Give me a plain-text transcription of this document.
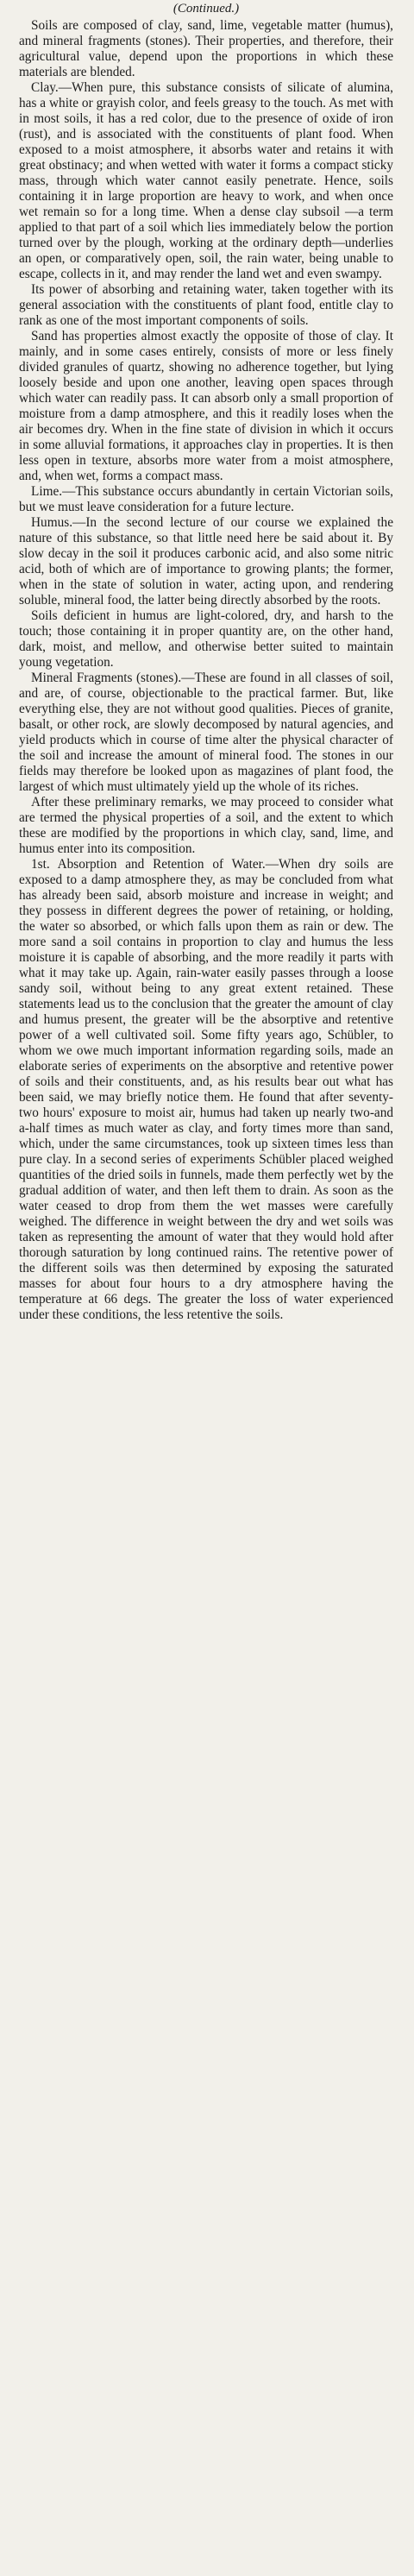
(Continued.)

Soils are composed of clay, sand, lime, vegetable matter (humus), and mineral fragments (stones). Their properties, and therefore, their agricultural value, depend upon the proportions in which these materials are blended.

Clay.—When pure, this substance consists of silicate of alumina, has a white or grayish color, and feels greasy to the touch. As met with in most soils, it has a red color, due to the presence of oxide of iron (rust), and is associated with the constituents of plant food. When exposed to a moist atmosphere, it absorbs water and retains it with great obstinacy; and when wetted with water it forms a compact sticky mass, through which water cannot easily penetrate. Hence, soils containing it in large proportion are heavy to work, and when once wet remain so for a long time. When a dense clay subsoil —a term applied to that part of a soil which lies immediately below the portion turned over by the plough, working at the ordinary depth—underlies an open, or comparatively open, soil, the rain water, being unable to escape, collects in it, and may render the land wet and even swampy.

Its power of absorbing and retaining water, taken together with its general association with the constituents of plant food, entitle clay to rank as one of the most important components of soils.

Sand has properties almost exactly the opposite of those of clay. It mainly, and in some cases entirely, consists of more or less finely divided granules of quartz, showing no adherence together, but lying loosely beside and upon one another, leaving open spaces through which water can readily pass. It can absorb only a small proportion of moisture from a damp atmosphere, and this it readily loses when the air becomes dry. When in the fine state of division in which it occurs in some alluvial formations, it approaches clay in properties. It is then less open in texture, absorbs more water from a moist atmosphere, and, when wet, forms a compact mass.

Lime.—This substance occurs abundantly in certain Victorian soils, but we must leave consideration for a future lecture.

Humus.—In the second lecture of our course we explained the nature of this substance, so that little need here be said about it. By slow decay in the soil it produces carbonic acid, and also some nitric acid, both of which are of importance to growing plants; the former, when in the state of solution in water, acting upon, and rendering soluble, mineral food, the latter being directly absorbed by the roots.

Soils deficient in humus are light-colored, dry, and harsh to the touch; those containing it in proper quantity are, on the other hand, dark, moist, and mellow, and otherwise better suited to maintain young vegetation.

Mineral Fragments (stones).—These are found in all classes of soil, and are, of course, objectionable to the practical farmer. But, like everything else, they are not without good qualities. Pieces of granite, basalt, or other rock, are slowly decomposed by natural agencies, and yield products which in course of time alter the physical character of the soil and increase the amount of mineral food. The stones in our fields may therefore be looked upon as magazines of plant food, the largest of which must ultimately yield up the whole of its riches.

After these preliminary remarks, we may proceed to consider what are termed the physical properties of a soil, and the extent to which these are modified by the proportions in which clay, sand, lime, and humus enter into its composition.

1st. Absorption and Retention of Water.—When dry soils are exposed to a damp atmosphere they, as may be concluded from what has already been said, absorb moisture and increase in weight; and they possess in different degrees the power of retaining, or holding, the water so absorbed, or which falls upon them as rain or dew. The more sand a soil contains in proportion to clay and humus the less moisture it is capable of absorbing, and the more readily it parts with what it may take up. Again, rain-water easily passes through a loose sandy soil, without being to any great extent retained. These statements lead us to the conclusion that the greater the amount of clay and humus present, the greater will be the absorptive and retentive power of a well cultivated soil. Some fifty years ago, Schübler, to whom we owe much important information regarding soils, made an elaborate series of experiments on the absorptive and retentive power of soils and their constituents, and, as his results bear out what has been said, we may briefly notice them. He found that after seventy-two hours' exposure to moist air, humus had taken up nearly two-and a-half times as much water as clay, and forty times more than sand, which, under the same circumstances, took up sixteen times less than pure clay. In a second series of experiments Schübler placed weighed quantities of the dried soils in funnels, made them perfectly wet by the gradual addition of water, and then left them to drain. As soon as the water ceased to drop from them the wet masses were carefully weighed. The difference in weight between the dry and wet soils was taken as representing the amount of water that they would hold after thorough saturation by long continued rains. The retentive power of the different soils was then determined by exposing the saturated masses for about four hours to a dry atmosphere having the temperature at 66 degs. The greater the loss of water experienced under these conditions, the less retentive the soils.
